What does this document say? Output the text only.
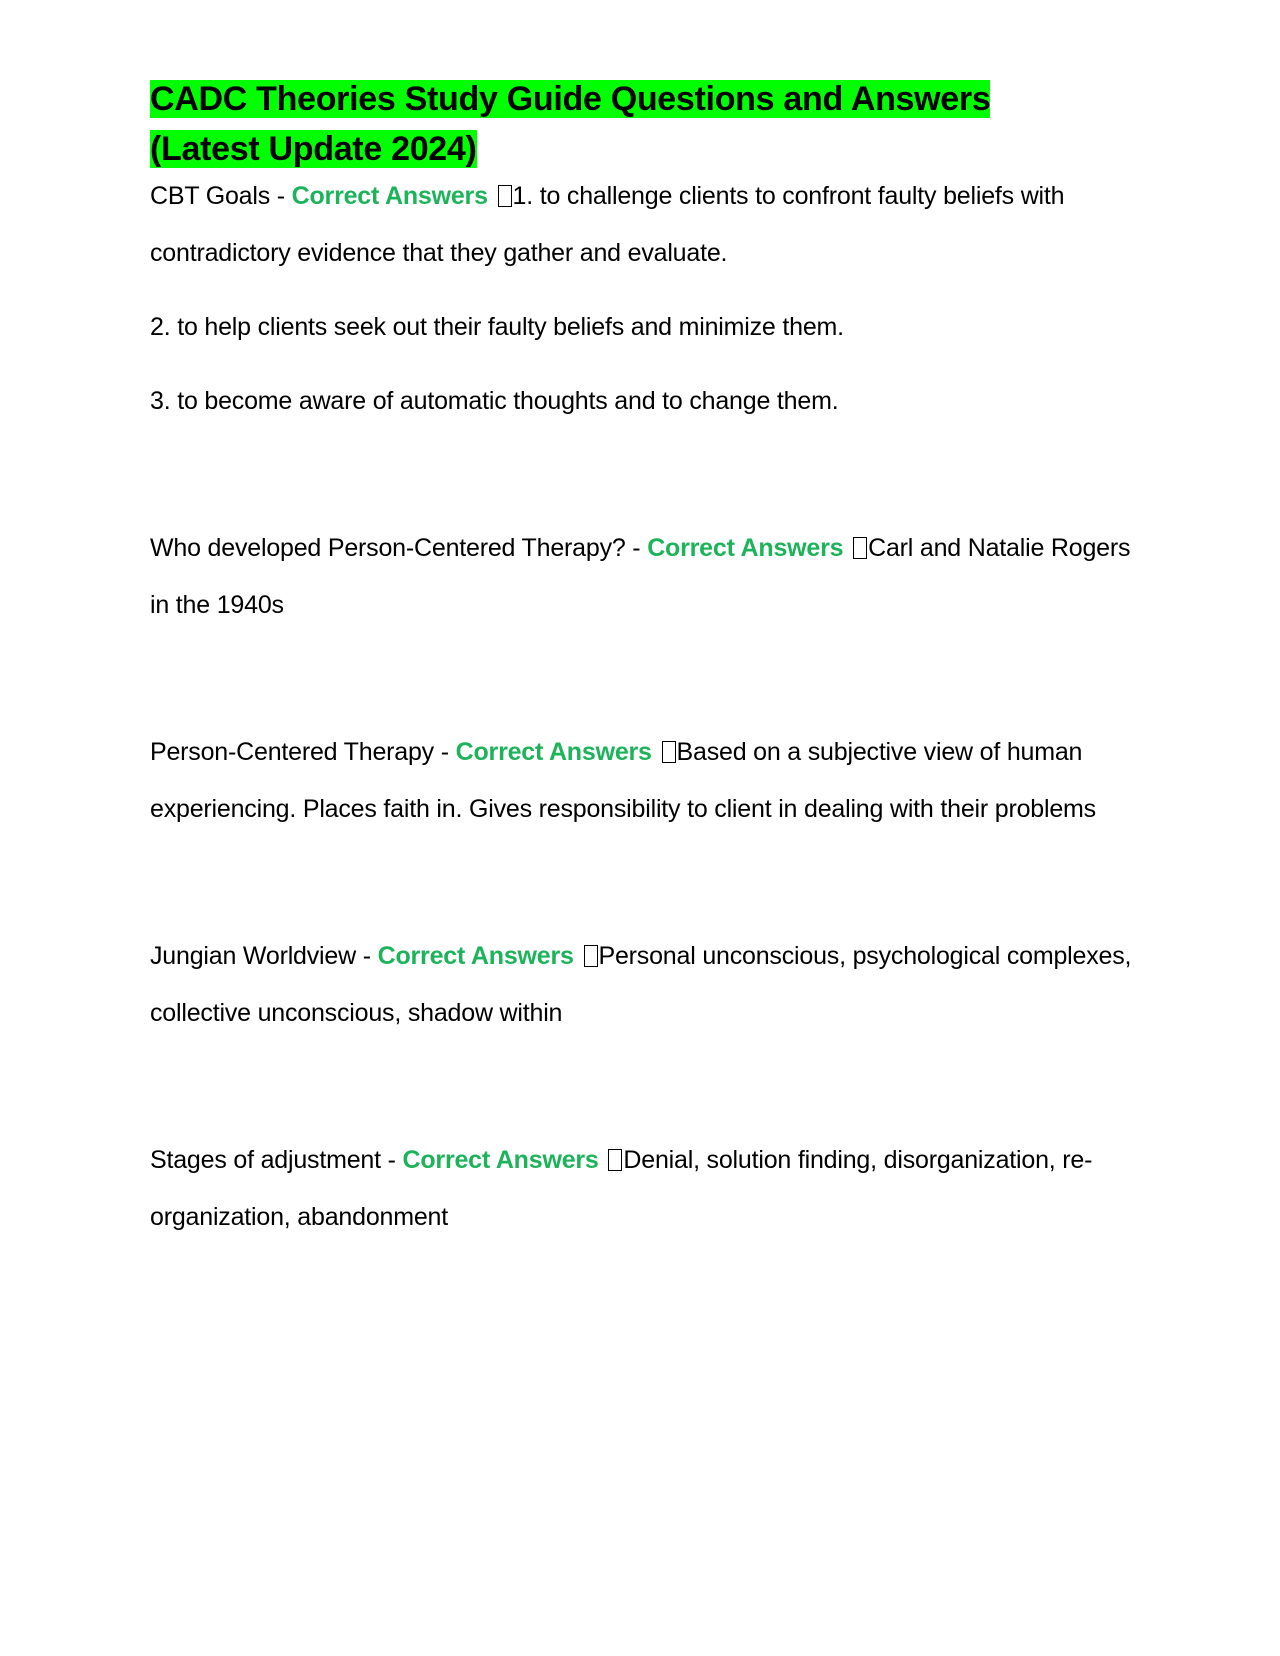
CADC Theories Study Guide Questions and Answers
(Latest Update 2024)

CBT Goals - Correct Answers 1. to challenge clients to confront faulty beliefs with contradictory evidence that they gather and evaluate.

2. to help clients seek out their faulty beliefs and minimize them.

3. to become aware of automatic thoughts and to change them.

Who developed Person-Centered Therapy? - Correct Answers Carl and Natalie Rogers in the 1940s

Person-Centered Therapy - Correct Answers Based on a subjective view of human experiencing. Places faith in. Gives responsibility to client in dealing with their problems

Jungian Worldview - Correct Answers Personal unconscious, psychological complexes, collective unconscious, shadow within

Stages of adjustment - Correct Answers Denial, solution finding, disorganization, re-organization, abandonment
